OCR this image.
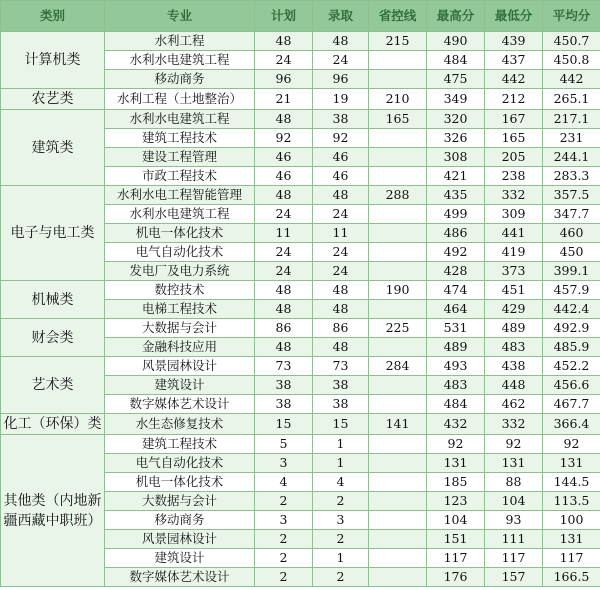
类别	专业	计划	录取	省控线	最高分	最低分	平均分
计算机类	水利工程	48	48	215	490	439	450.7
	水利水电建筑工程	24	24		484	437	450.8
	移动商务	96	96		475	442	442
农艺类	水利工程（土地整治）	21	19	210	349	212	265.1
建筑类	水利水电建筑工程	48	38	165	320	167	217.1
	建筑工程技术	92	92		326	165	231
	建设工程管理	46	46		308	205	244.1
	市政工程技术	46	46		421	238	283.3
电子与电工类	水利水电工程智能管理	48	48	288	435	332	357.5
	水利水电建筑工程	24	24		499	309	347.7
	机电一体化技术	11	11		486	441	460
	电气自动化技术	24	24		492	419	450
	发电厂及电力系统	24	24		428	373	399.1
机械类	数控技术	48	48	190	474	451	457.9
	电梯工程技术	48	48		464	429	442.4
财会类	大数据与会计	86	86	225	531	489	492.9
	金融科技应用	48	48		489	483	485.9
艺术类	风景园林设计	73	73	284	493	438	452.2
	建筑设计	38	38		483	448	456.6
	数字媒体艺术设计	38	38		484	462	467.7
化工（环保）类	水生态修复技术	15	15	141	432	332	366.4
其他类（内地新疆西藏中职班）	建筑工程技术	5	1		92	92	92
	电气自动化技术	3	1		131	131	131
	机电一体化技术	4	4		185	88	144.5
	大数据与会计	2	2		123	104	113.5
	移动商务	3	3		104	93	100
	风景园林设计	2	2		151	111	131
	建筑设计	2	1		117	117	117
	数字媒体艺术设计	2	2		176	157	166.5
